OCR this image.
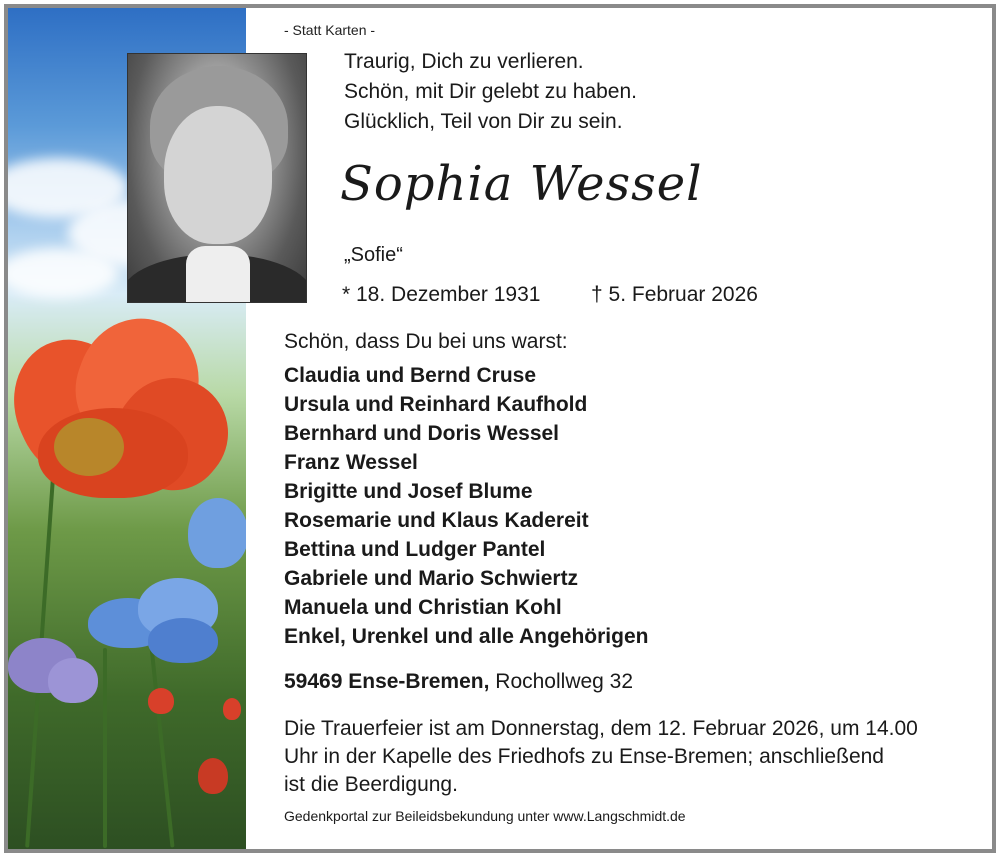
- Statt Karten -
Traurig, Dich zu verlieren.
Schön, mit Dir gelebt zu haben.
Glücklich, Teil von Dir zu sein.
Sophia Wessel
„Sofie“
* 18. Dezember 1931 † 5. Februar 2026
Schön, dass Du bei uns warst:
Claudia und Bernd Cruse
Ursula und Reinhard Kaufhold
Bernhard und Doris Wessel
Franz Wessel
Brigitte und Josef Blume
Rosemarie und Klaus Kadereit
Bettina und Ludger Pantel
Gabriele und Mario Schwiertz
Manuela und Christian Kohl
Enkel, Urenkel und alle Angehörigen
59469 Ense-Bremen, Rochollweg 32
Die Trauerfeier ist am Donnerstag, dem 12. Februar 2026, um 14.00
Uhr in der Kapelle des Friedhofs zu Ense-Bremen; anschließend
ist die Beerdigung.
Gedenkportal zur Beileidsbekundung unter www.Langschmidt.de
